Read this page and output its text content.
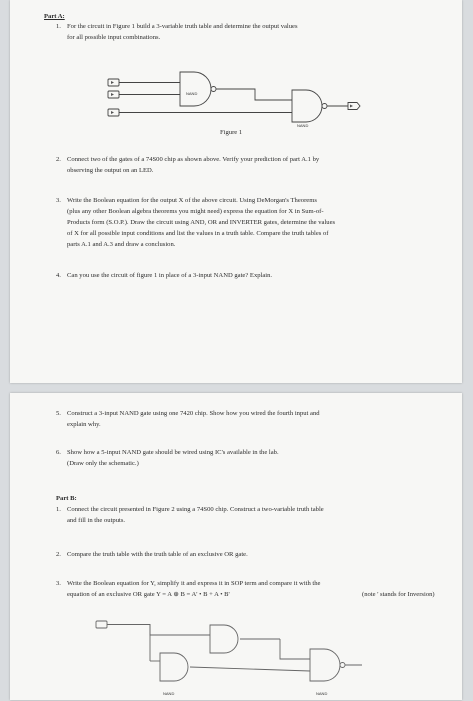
Part A:
1. For the circuit in Figure 1 build a 3-variable truth table and determine the output values
for all possible input combinations.
NAND
NAND
Figure 1
2. Connect two of the gates of a 74S00 chip as shown above. Verify your prediction of part A.1 by
observing the output on an LED.
3. Write the Boolean equation for the output X of the above circuit. Using DeMorgan's Theorems
(plus any other Boolean algebra theorems you might need) express the equation for X in Sum-of-
Products form (S.O.P.). Draw the circuit using AND, OR and INVERTER gates, determine the values
of X for all possible input conditions and list the values in a truth table. Compare the truth tables of
parts A.1 and A.3 and draw a conclusion.
4. Can you use the circuit of figure 1 in place of a 3-input NAND gate? Explain.
5. Construct a 3-input NAND gate using one 7420 chip. Show how you wired the fourth input and
explain why.
6. Show how a 5-input NAND gate should be wired using IC's available in the lab.
(Draw only the schematic.)
Part B:
1. Connect the circuit presented in Figure 2 using a 74S00 chip. Construct a two-variable truth table
and fill in the outputs.
2. Compare the truth table with the truth table of an exclusive OR gate.
3. Write the Boolean equation for Y, simplify it and express it in SOP term and compare it with the
equation of an exclusive OR gate Y = A ⊕ B = A' • B + A • B'	(note ' stands for Inversion)
NAND	NAND
